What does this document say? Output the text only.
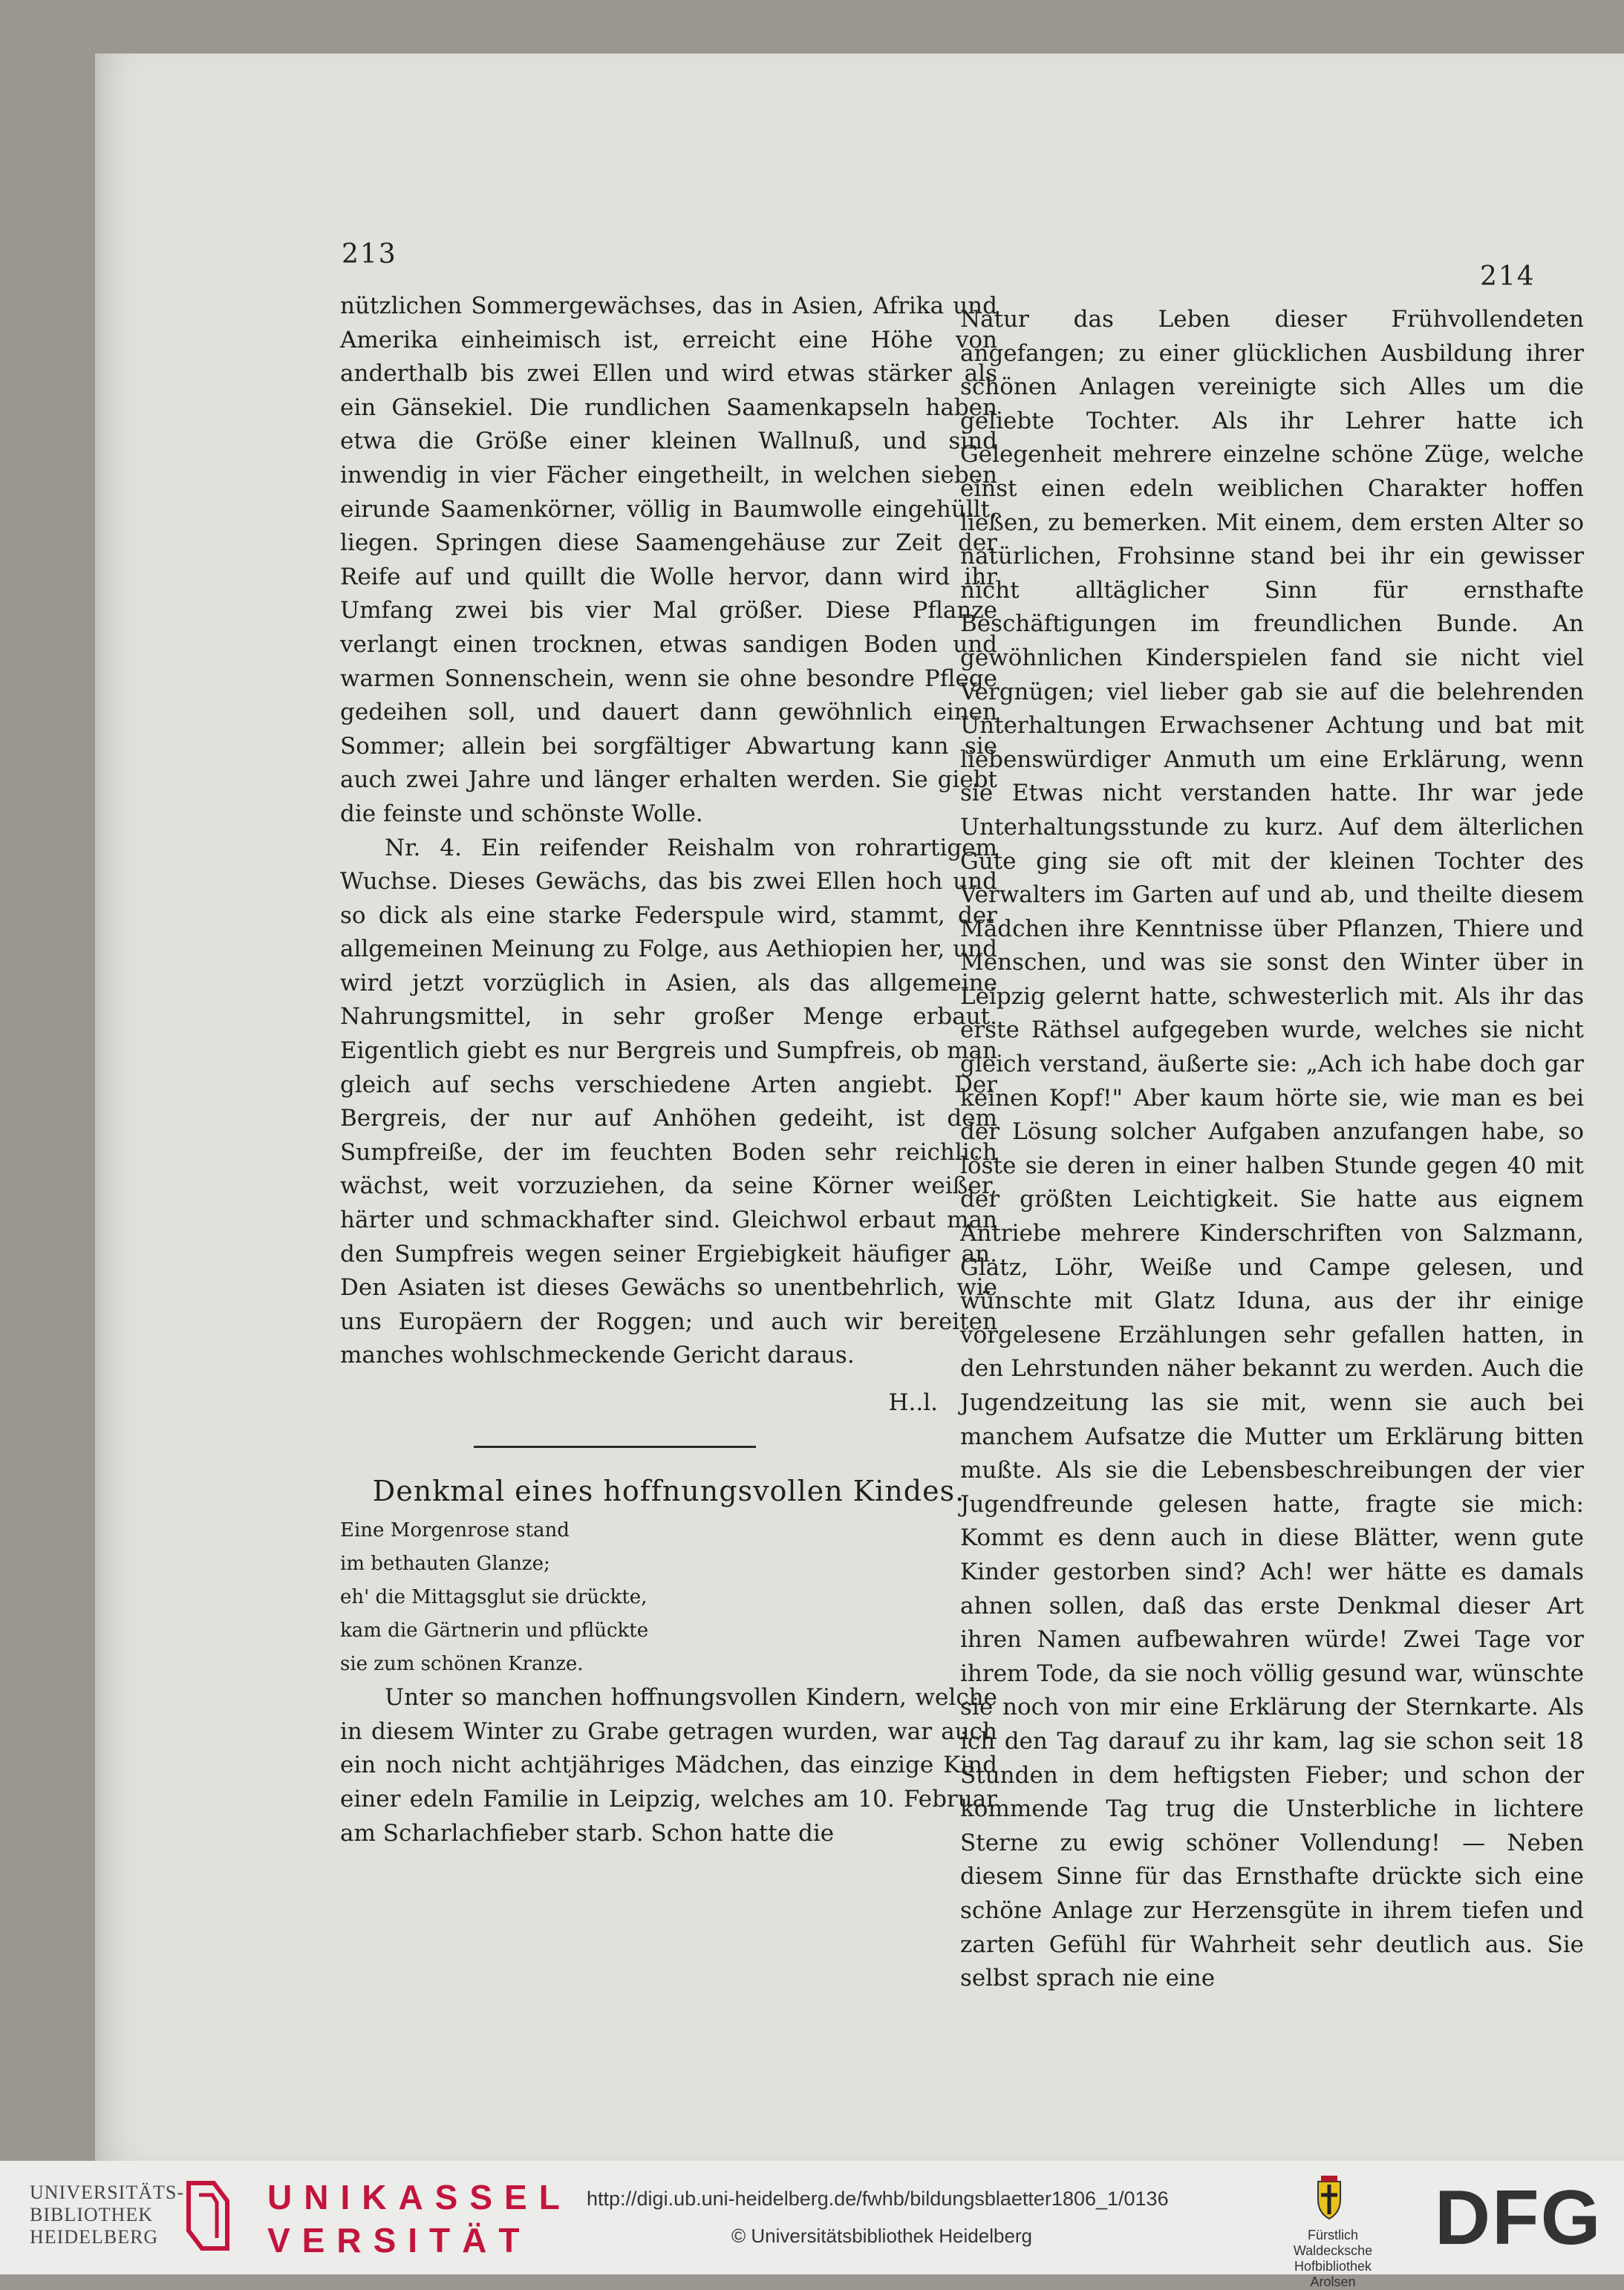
213
214

nützlichen Sommergewächses, das in Asien, Afrika und Amerika einheimisch ist, erreicht eine Höhe von anderthalb bis zwei Ellen und wird etwas stärker als ein Gänsekiel. Die rundlichen Saamenkapseln haben etwa die Größe einer kleinen Wallnuß, und sind inwendig in vier Fächer eingetheilt, in welchen sieben eirunde Saamenkörner, völlig in Baumwolle eingehüllt, liegen. Springen diese Saamengehäuse zur Zeit der Reife auf und quillt die Wolle hervor, dann wird ihr Umfang zwei bis vier Mal größer. Diese Pflanze verlangt einen trocknen, etwas sandigen Boden und warmen Sonnenschein, wenn sie ohne besondre Pflege gedeihen soll, und dauert dann gewöhnlich einen Sommer; allein bei sorgfältiger Abwartung kann sie auch zwei Jahre und länger erhalten werden. Sie giebt die feinste und schönste Wolle.

Nr. 4. Ein reifender Reishalm von rohrartigem Wuchse. Dieses Gewächs, das bis zwei Ellen hoch und so dick als eine starke Federspule wird, stammt, der allgemeinen Meinung zu Folge, aus Aethiopien her, und wird jetzt vorzüglich in Asien, als das allgemeine Nahrungsmittel, in sehr großer Menge erbaut. Eigentlich giebt es nur Bergreis und Sumpfreis, ob man gleich auf sechs verschiedene Arten angiebt. Der Bergreis, der nur auf Anhöhen gedeiht, ist dem Sumpfreiße, der im feuchten Boden sehr reichlich wächst, weit vorzuziehen, da seine Körner weißer, härter und schmackhafter sind. Gleichwol erbaut man den Sumpfreis wegen seiner Ergiebigkeit häufiger an. Den Asiaten ist dieses Gewächs so unentbehrlich, wie uns Europäern der Roggen; und auch wir bereiten manches wohlschmeckende Gericht daraus.

H..l.

Denkmal eines hoffnungsvollen Kindes.

Eine Morgenrose stand

im bethauten Glanze;

eh' die Mittagsglut sie drückte,

kam die Gärtnerin und pflückte

sie zum schönen Kranze.

Unter so manchen hoffnungsvollen Kindern, welche in diesem Winter zu Grabe getragen wurden, war auch ein noch nicht achtjähriges Mädchen, das einzige Kind einer edeln Familie in Leipzig, welches am 10. Februar am Scharlachfieber starb. Schon hatte die

Natur das Leben dieser Frühvollendeten angefangen; zu einer glücklichen Ausbildung ihrer schönen Anlagen vereinigte sich Alles um die geliebte Tochter. Als ihr Lehrer hatte ich Gelegenheit mehrere einzelne schöne Züge, welche einst einen edeln weiblichen Charakter hoffen ließen, zu bemerken. Mit einem, dem ersten Alter so natürlichen, Frohsinne stand bei ihr ein gewisser nicht alltäglicher Sinn für ernsthafte Beschäftigungen im freundlichen Bunde. An gewöhnlichen Kinderspielen fand sie nicht viel Vergnügen; viel lieber gab sie auf die belehrenden Unterhaltungen Erwachsener Achtung und bat mit liebenswürdiger Anmuth um eine Erklärung, wenn sie Etwas nicht verstanden hatte. Ihr war jede Unterhaltungsstunde zu kurz. Auf dem älterlichen Gute ging sie oft mit der kleinen Tochter des Verwalters im Garten auf und ab, und theilte diesem Mädchen ihre Kenntnisse über Pflanzen, Thiere und Menschen, und was sie sonst den Winter über in Leipzig gelernt hatte, schwesterlich mit. Als ihr das erste Räthsel aufgegeben wurde, welches sie nicht gleich verstand, äußerte sie: „Ach ich habe doch gar keinen Kopf!" Aber kaum hörte sie, wie man es bei der Lösung solcher Aufgaben anzufangen habe, so löste sie deren in einer halben Stunde gegen 40 mit der größten Leichtigkeit. Sie hatte aus eignem Antriebe mehrere Kinderschriften von Salzmann, Glatz, Löhr, Weiße und Campe gelesen, und wünschte mit Glatz Iduna, aus der ihr einige vorgelesene Erzählungen sehr gefallen hatten, in den Lehrstunden näher bekannt zu werden. Auch die Jugendzeitung las sie mit, wenn sie auch bei manchem Aufsatze die Mutter um Erklärung bitten mußte. Als sie die Lebensbeschreibungen der vier Jugendfreunde gelesen hatte, fragte sie mich: Kommt es denn auch in diese Blätter, wenn gute Kinder gestorben sind? Ach! wer hätte es damals ahnen sollen, daß das erste Denkmal dieser Art ihren Namen aufbewahren würde! Zwei Tage vor ihrem Tode, da sie noch völlig gesund war, wünschte sie noch von mir eine Erklärung der Sternkarte. Als ich den Tag darauf zu ihr kam, lag sie schon seit 18 Stunden in dem heftigsten Fieber; und schon der kommende Tag trug die Unsterbliche in lichtere Sterne zu ewig schöner Vollendung! — Neben diesem Sinne für das Ernsthafte drückte sich eine schöne Anlage zur Herzensgüte in ihrem tiefen und zarten Gefühl für Wahrheit sehr deutlich aus. Sie selbst sprach nie eine

UNIVERSITÄTS-
BIBLIOTHEK
HEIDELBERG
UNIKASSEL
VERSITÄT
http://digi.ub.uni-heidelberg.de/fwhb/bildungsblaetter1806_1/0136
© Universitätsbibliothek Heidelberg	Fürstlich Waldecksche
Hofbibliothek Arolsen
DFG
